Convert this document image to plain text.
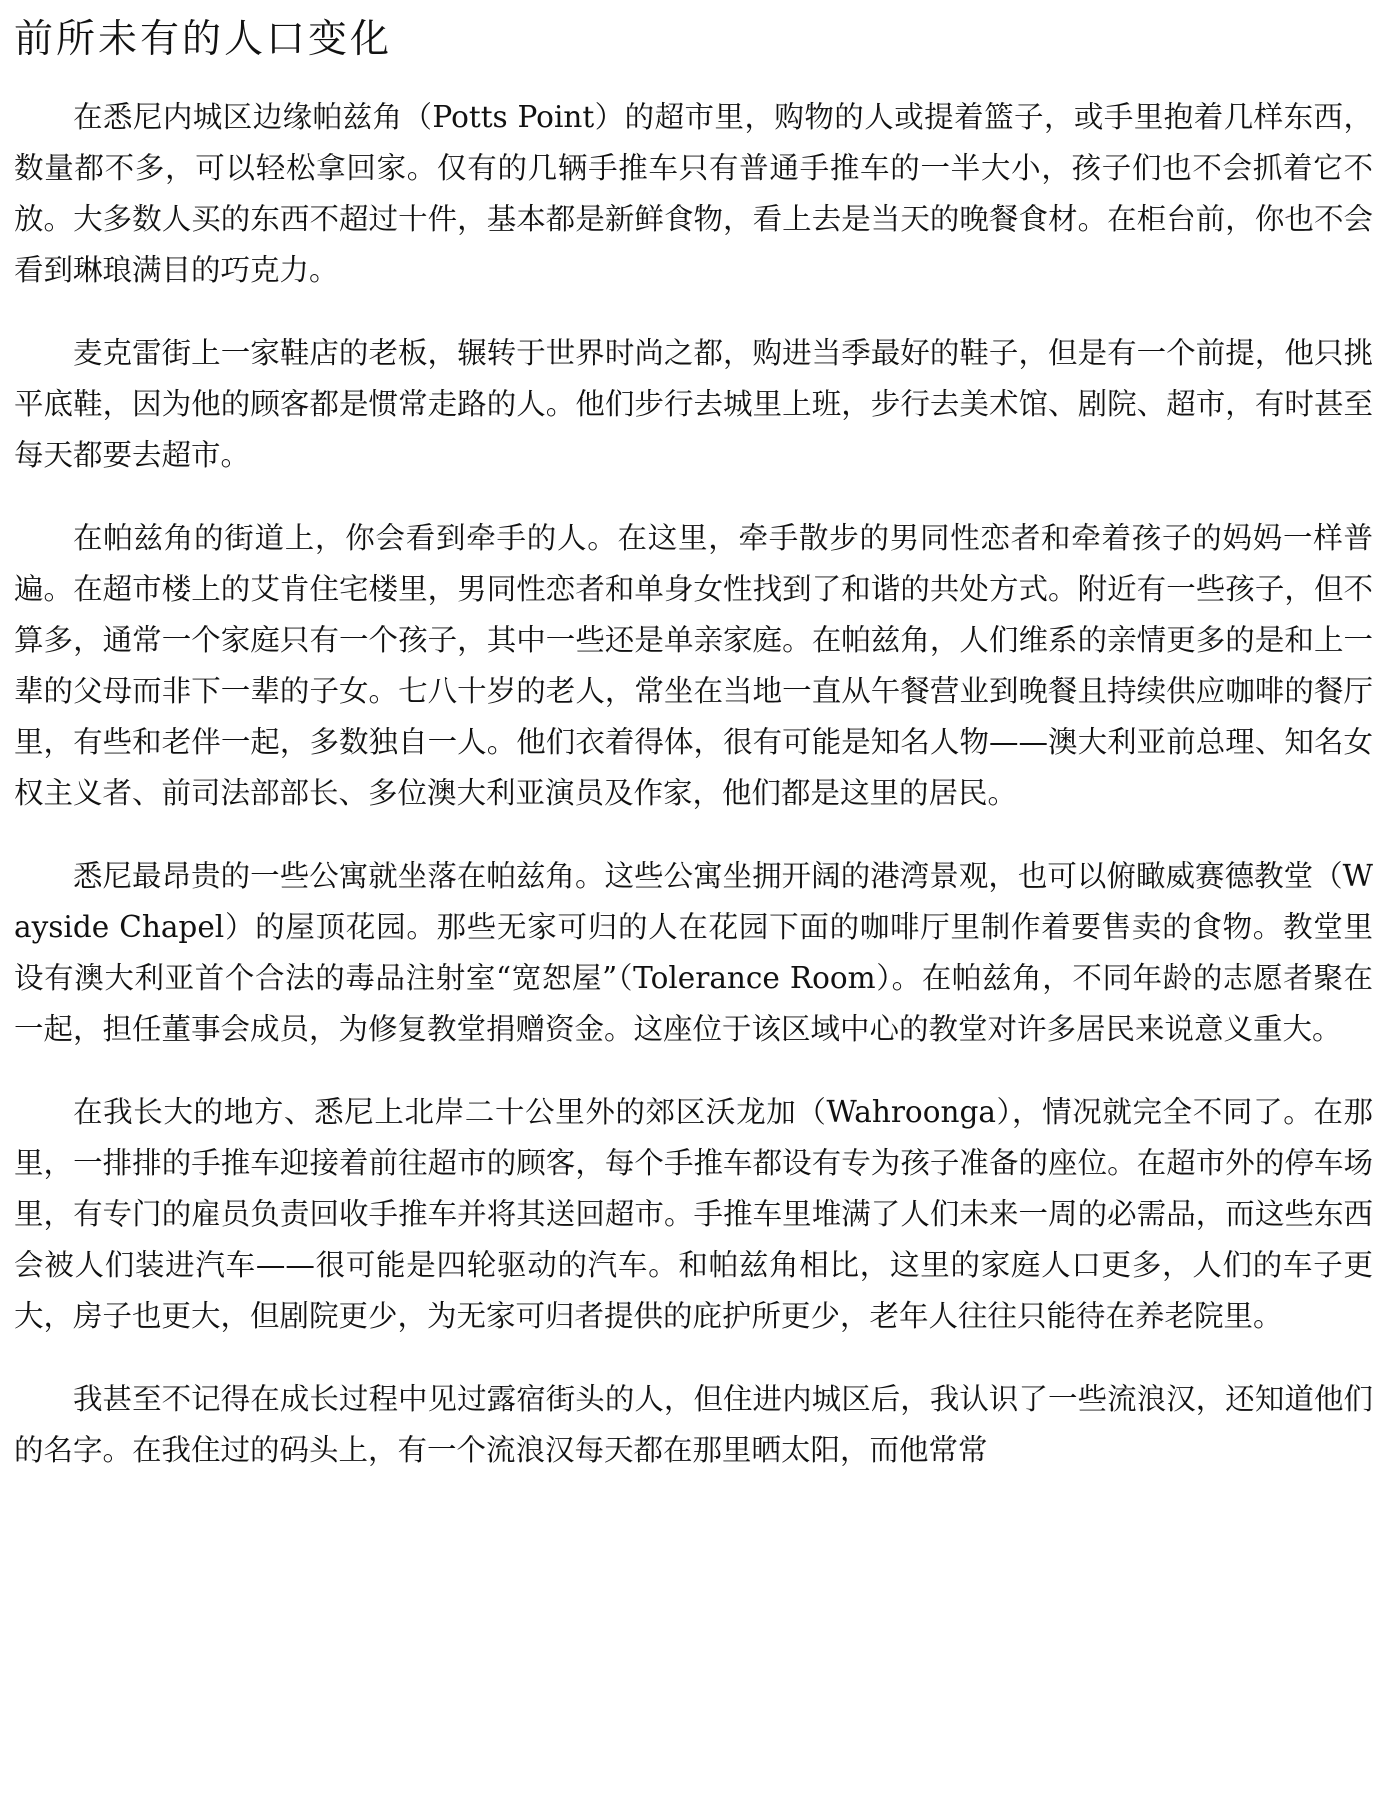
前所未有的人口变化

在悉尼内城区边缘帕兹角（Potts Point）的超市里，购物的人或提着篮子，或手里抱着几样东西，数量都不多，可以轻松拿回家。仅有的几辆手推车只有普通手推车的一半大小，孩子们也不会抓着它不放。大多数人买的东西不超过十件，基本都是新鲜食物，看上去是当天的晚餐食材。在柜台前，你也不会看到琳琅满目的巧克力。

麦克雷街上一家鞋店的老板，辗转于世界时尚之都，购进当季最好的鞋子，但是有一个前提，他只挑平底鞋，因为他的顾客都是惯常走路的人。他们步行去城里上班，步行去美术馆、剧院、超市，有时甚至每天都要去超市。

在帕兹角的街道上，你会看到牵手的人。在这里，牵手散步的男同性恋者和牵着孩子的妈妈一样普遍。在超市楼上的艾肯住宅楼里，男同性恋者和单身女性找到了和谐的共处方式。附近有一些孩子，但不算多，通常一个家庭只有一个孩子，其中一些还是单亲家庭。在帕兹角，人们维系的亲情更多的是和上一辈的父母而非下一辈的子女。七八十岁的老人，常坐在当地一直从午餐营业到晚餐且持续供应咖啡的餐厅里，有些和老伴一起，多数独自一人。他们衣着得体，很有可能是知名人物——澳大利亚前总理、知名女权主义者、前司法部部长、多位澳大利亚演员及作家，他们都是这里的居民。

悉尼最昂贵的一些公寓就坐落在帕兹角。这些公寓坐拥开阔的港湾景观，也可以俯瞰威赛德教堂（Wayside Chapel）的屋顶花园。那些无家可归的人在花园下面的咖啡厅里制作着要售卖的食物。教堂里设有澳大利亚首个合法的毒品注射室“宽恕屋”（Tolerance Room）。在帕兹角，不同年龄的志愿者聚在一起，担任董事会成员，为修复教堂捐赠资金。这座位于该区域中心的教堂对许多居民来说意义重大。

在我长大的地方、悉尼上北岸二十公里外的郊区沃龙加（Wahroonga），情况就完全不同了。在那里，一排排的手推车迎接着前往超市的顾客，每个手推车都设有专为孩子准备的座位。在超市外的停车场里，有专门的雇员负责回收手推车并将其送回超市。手推车里堆满了人们未来一周的必需品，而这些东西会被人们装进汽车——很可能是四轮驱动的汽车。和帕兹角相比，这里的家庭人口更多，人们的车子更大，房子也更大，但剧院更少，为无家可归者提供的庇护所更少，老年人往往只能待在养老院里。

我甚至不记得在成长过程中见过露宿街头的人，但住进内城区后，我认识了一些流浪汉，还知道他们的名字。在我住过的码头上，有一个流浪汉每天都在那里晒太阳，而他常常
